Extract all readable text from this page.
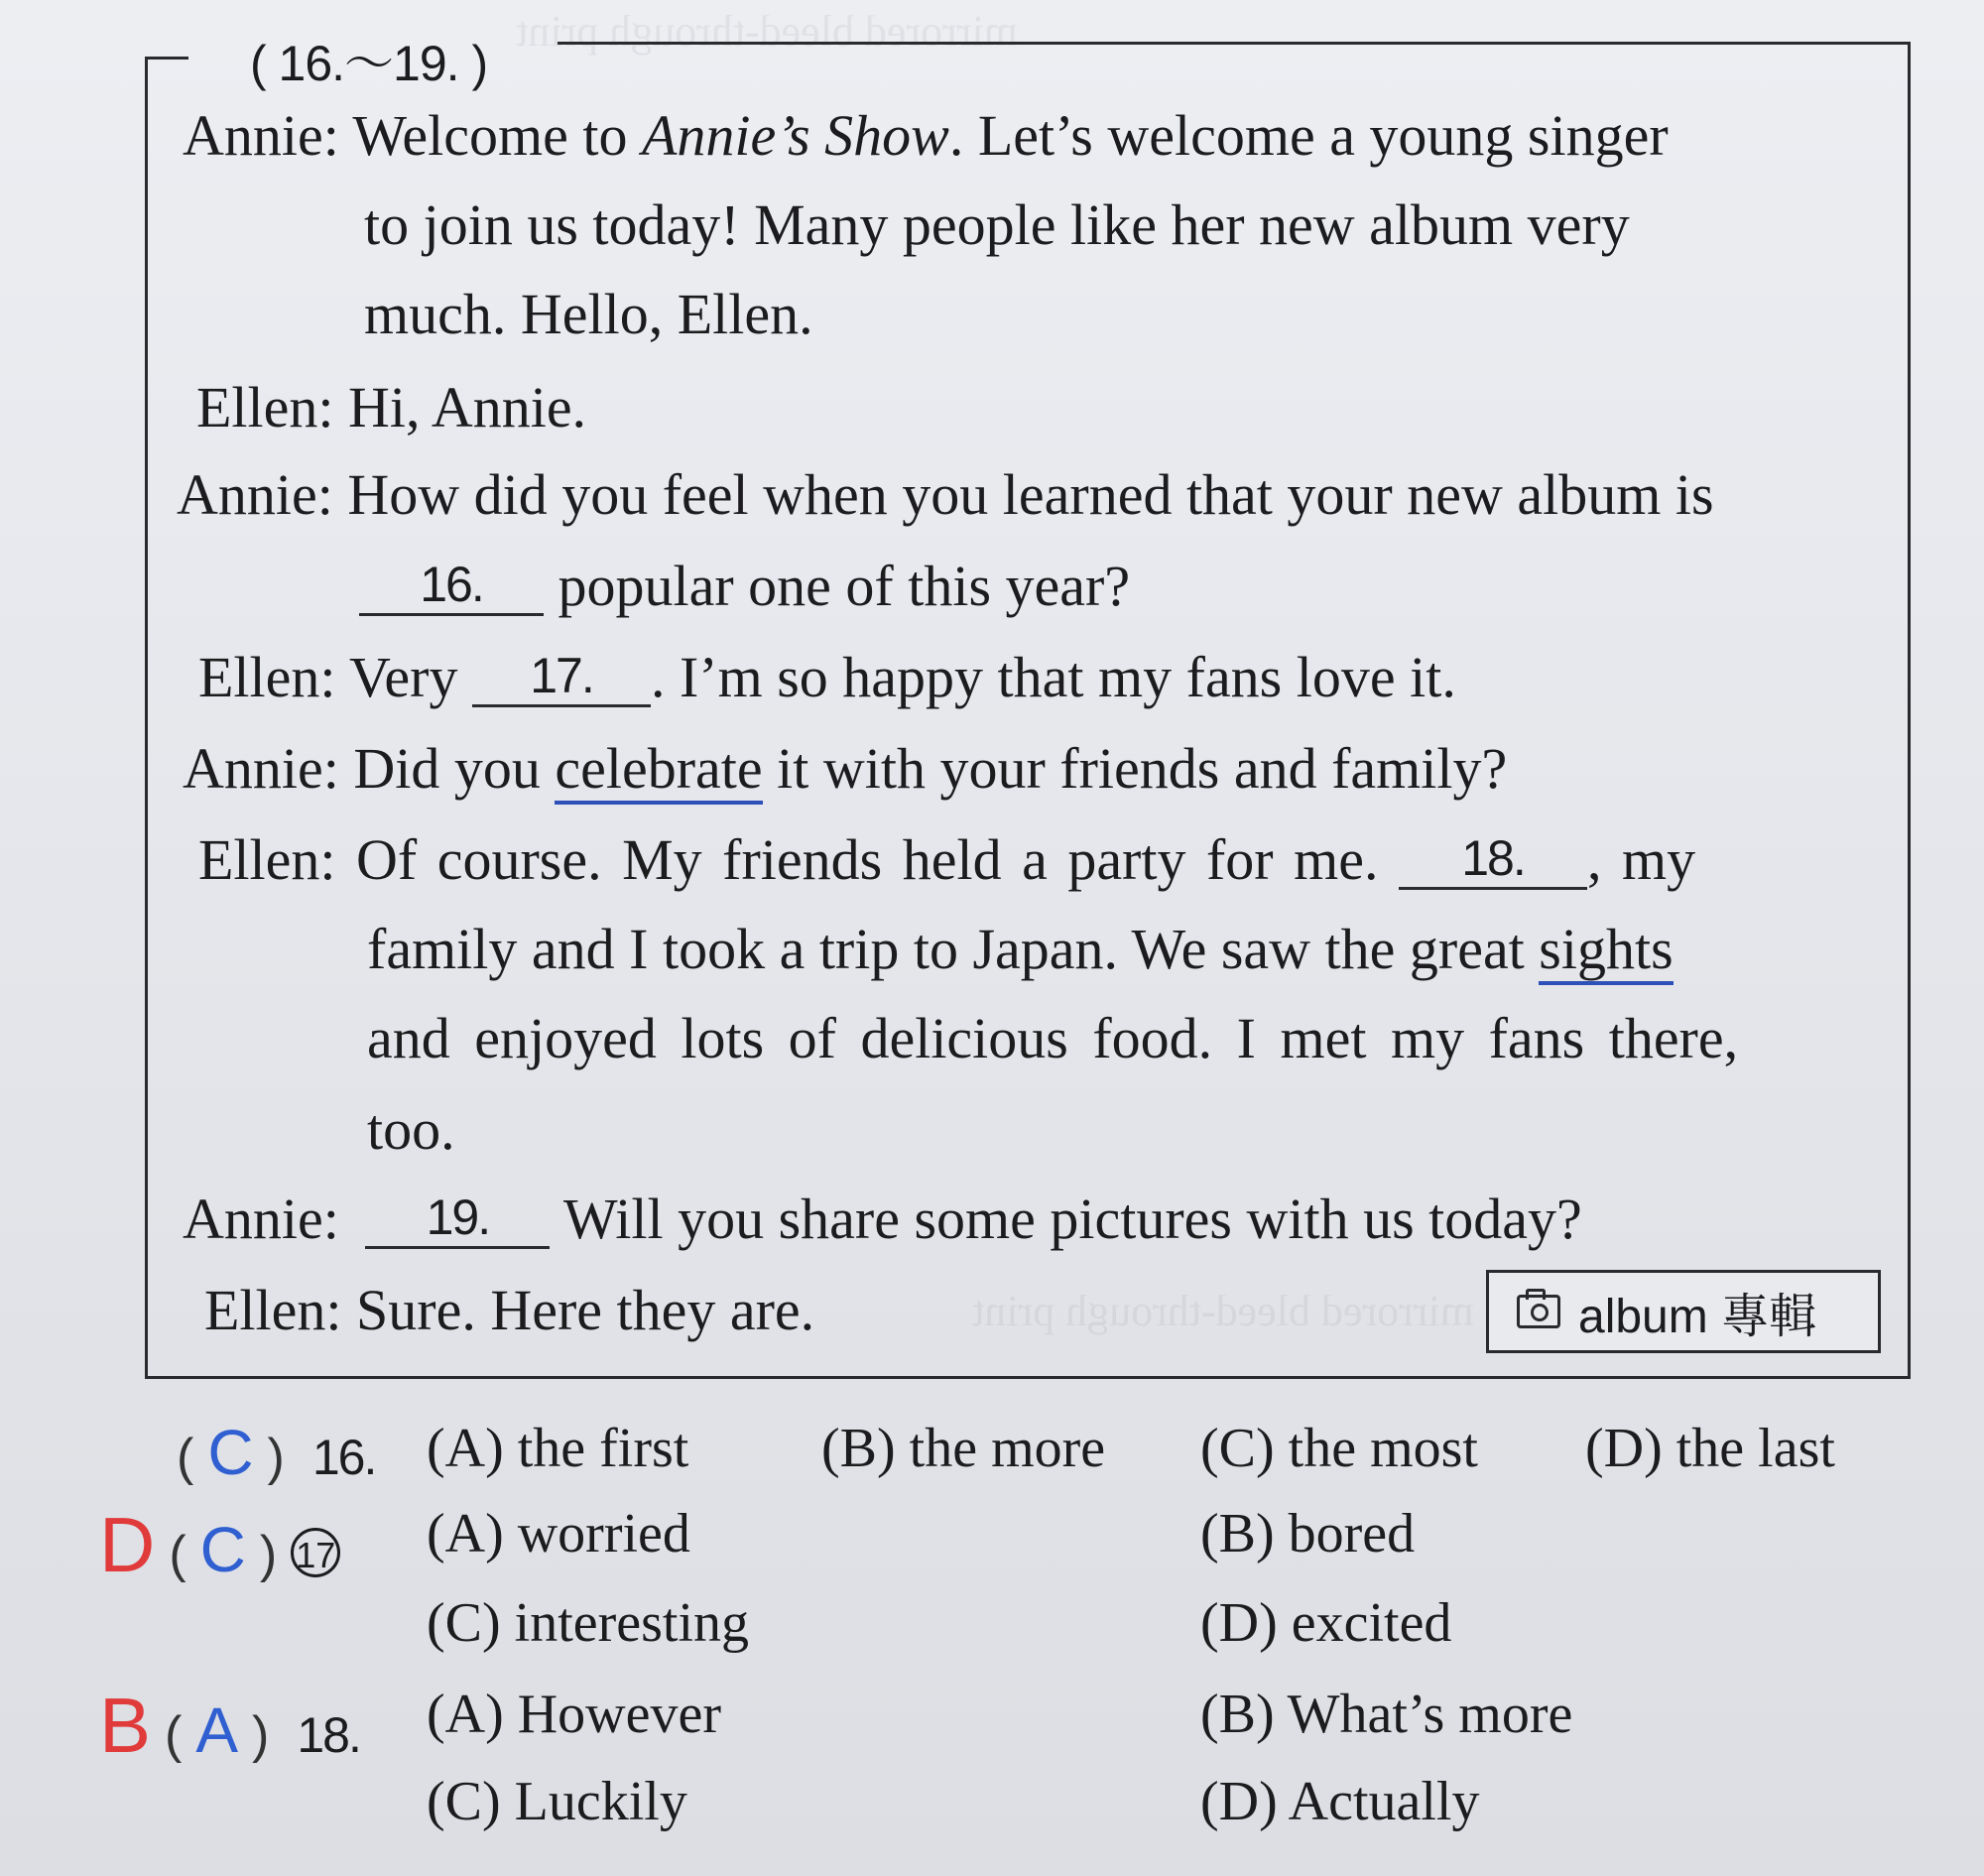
mirrored bleed-through print
mirrored bleed-through print
( 16.～19. )
Annie: Welcome to Annie’s Show. Let’s welcome a young singer
to join us today! Many people like her new album very
much. Hello, Ellen.
Ellen: Hi, Annie.
Annie: How did you feel when you learned that your new album is
16. popular one of this year?
Ellen: Very 17. . I’m so happy that my fans love it.
Annie: Did you celebrate it with your friends and family?
Ellen: Of course. My friends held a party for me. 18. , my
family and I took a trip to Japan. We saw the great sights
and enjoyed lots of delicious food. I met my fans there,
too.
Annie: 19. Will you share some pictures with us today?
Ellen: Sure. Here they are.	album 專輯
( C ) 16. (A) the first (B) the more (C) the most (D) the last
D ( C ) 17 (A) worried	(B) bored
(C) interesting	(D) excited
B ( A ) 18. (A) However	(B) What’s more
(C) Luckily	(D) Actually
